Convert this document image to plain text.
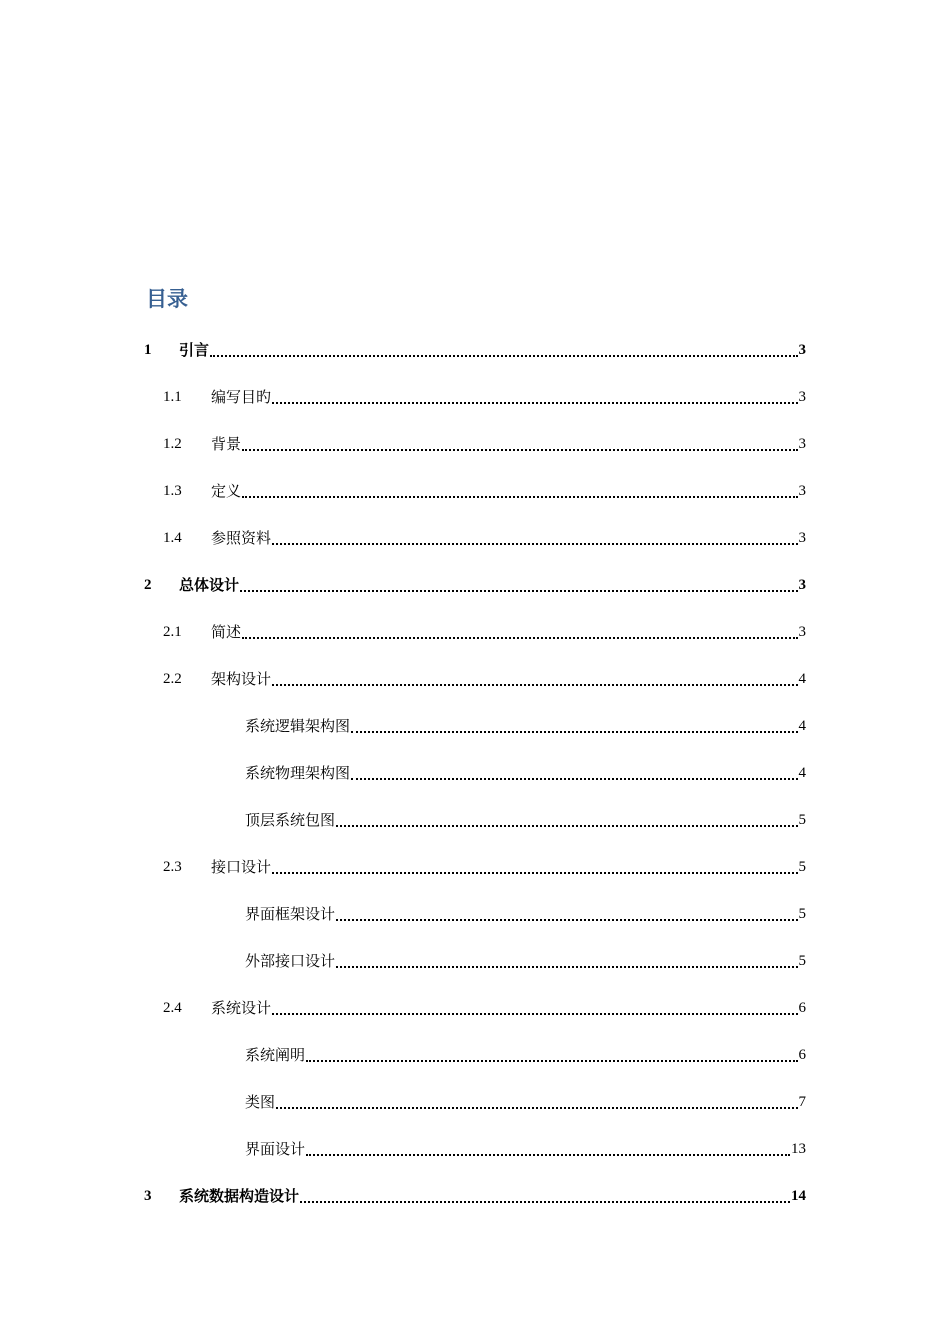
目录
1	引言	3
1.1	编写目旳	3
1.2	背景	3
1.3	定义	3
1.4	参照资料	3
2	总体设计	3
2.1	简述	3
2.2	架构设计	4
系统逻辑架构图	4
系统物理架构图	4
顶层系统包图	5
2.3	接口设计	5
界面框架设计	5
外部接口设计	5
2.4	系统设计	6
系统阐明	6
类图	7
界面设计	13
3	系统数据构造设计	14
